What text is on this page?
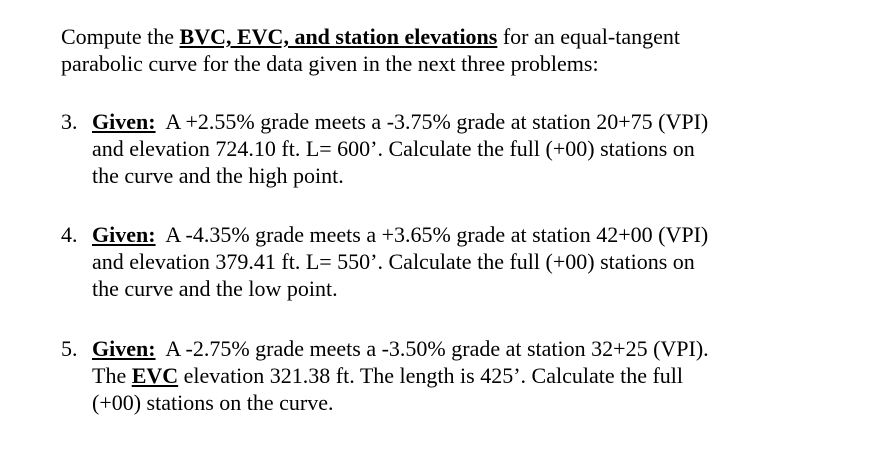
Compute the BVC, EVC, and station elevations for an equal-tangent
parabolic curve for the data given in the next three problems:

3. Given:  A +2.55% grade meets a -3.75% grade at station 20+75 (VPI)
and elevation 724.10 ft. L= 600’. Calculate the full (+00) stations on
the curve and the high point.
4. Given:  A -4.35% grade meets a +3.65% grade at station 42+00 (VPI)
and elevation 379.41 ft. L= 550’. Calculate the full (+00) stations on
the curve and the low point.
5. Given:  A -2.75% grade meets a -3.50% grade at station 32+25 (VPI).
The EVC elevation 321.38 ft. The length is 425’. Calculate the full
(+00) stations on the curve.
